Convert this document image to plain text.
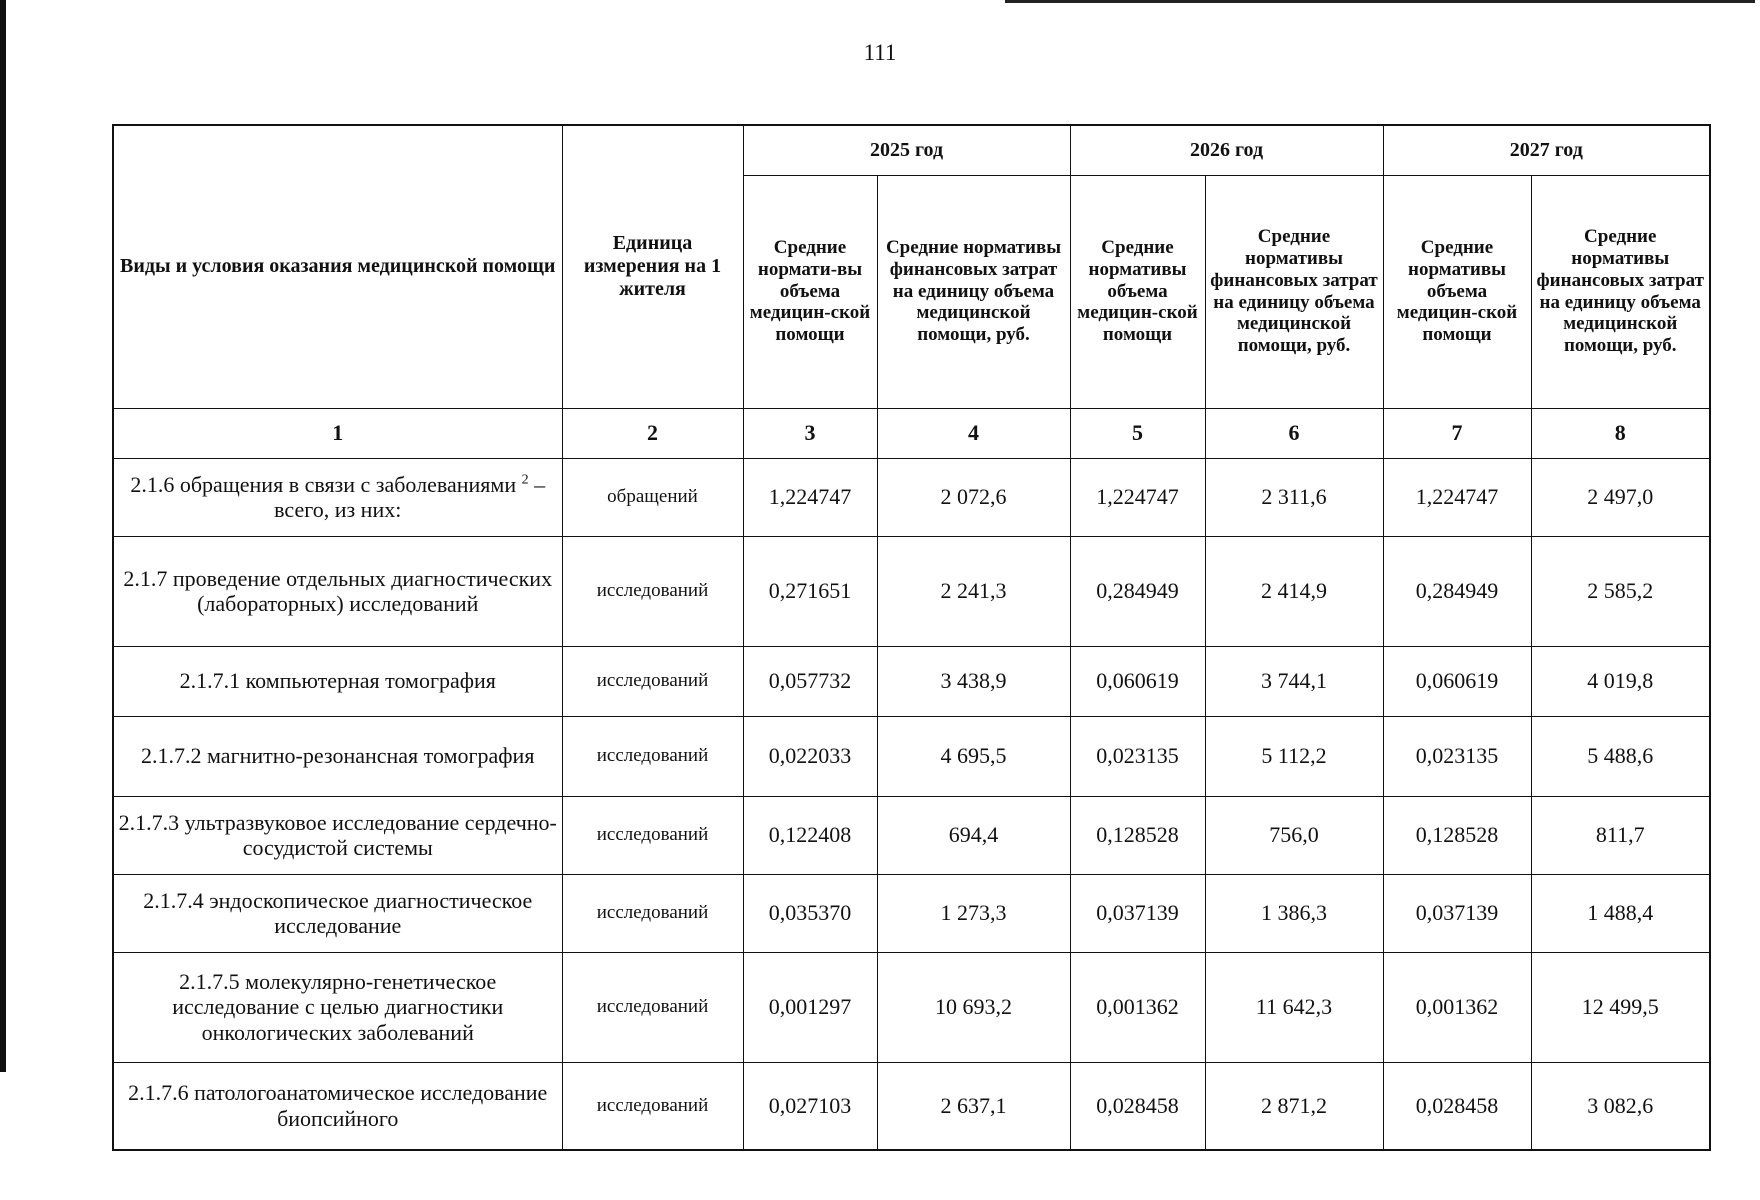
111
Виды и условия оказания медицинской помощи	Единица измерения на 1 жителя	2025 год		2026 год		2027 год	
		Средние нормати-вы объема медицин-ской помощи	Средние нормативы финансовых затрат на единицу объема медицинской помощи, руб.	Средние нормативы объема медицин-ской помощи	Средние нормативы финансовых затрат на единицу объема медицинской помощи, руб.	Средние нормативы объема медицин-ской помощи	Средние нормативы финансовых затрат на единицу объема медицинской помощи, руб.
1	2	3	4	5	6	7	8
2.1.6 обращения в связи с заболеваниями $^2$ – всего, из них:	обращений	1,224747	2 072,6	1,224747	2 311,6	1,224747	2 497,0
2.1.7 проведение отдельных диагностических (лабораторных) исследований	исследований	0,271651	2 241,3	0,284949	2 414,9	0,284949	2 585,2
2.1.7.1 компьютерная томография	исследований	0,057732	3 438,9	0,060619	3 744,1	0,060619	4 019,8
2.1.7.2 магнитно-резонансная томография	исследований	0,022033	4 695,5	0,023135	5 112,2	0,023135	5 488,6
2.1.7.3 ультразвуковое исследование сердечно-сосудистой системы	исследований	0,122408	694,4	0,128528	756,0	0,128528	811,7
2.1.7.4 эндоскопическое диагностическое исследование	исследований	0,035370	1 273,3	0,037139	1 386,3	0,037139	1 488,4
2.1.7.5 молекулярно-генетическое исследование с целью диагностики онкологических заболеваний	исследований	0,001297	10 693,2	0,001362	11 642,3	0,001362	12 499,5
2.1.7.6 патологоанатомическое исследование биопсийного	исследований	0,027103	2 637,1	0,028458	2 871,2	0,028458	3 082,6
